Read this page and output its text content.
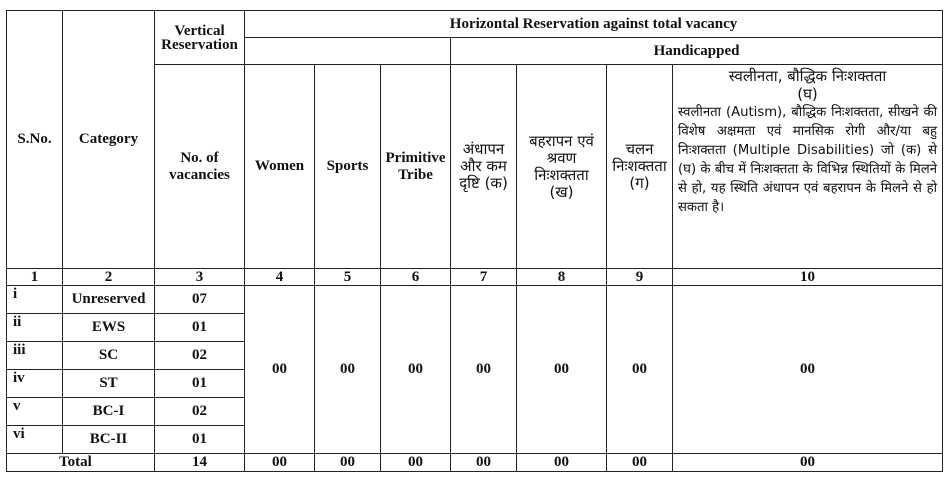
S.No.	Category	Vertical Reservation	Horizontal Reservation against total vacancy						
						Handicapped			
		No. of vacancies	Women	Sports	Primitive Tribe	अंधापन और कम दृष्टि (क)	बहरापन एवं श्रवण निःशक्तता (ख)	चलन निःशक्तता (ग)	स्वलीनता, बौद्धिक निःशक्तता
(घ)
स्वलीनता (Autism), बौद्धिक निःशक्तता, सीखने की विशेष अक्षमता एवं मानसिक रोगी और/या बहु निःशक्तता (Multiple Disabilities) जो (क) से (घ) के बीच में निःशक्तता के विभिन्न स्थितियों के मिलने से हो, यह स्थिति अंधापन एवं बहरापन के मिलने से हो सकता है।

1	2	3	4	5	6	7	8	9	10
i	Unreserved	07	00	00	00	00	00	00	00
ii	EWS	01							
iii	SC	02							
iv	ST	01							
v	BC-I	02							
vi	BC-II	01							
Total		14	00	00	00	00	00	00	00
